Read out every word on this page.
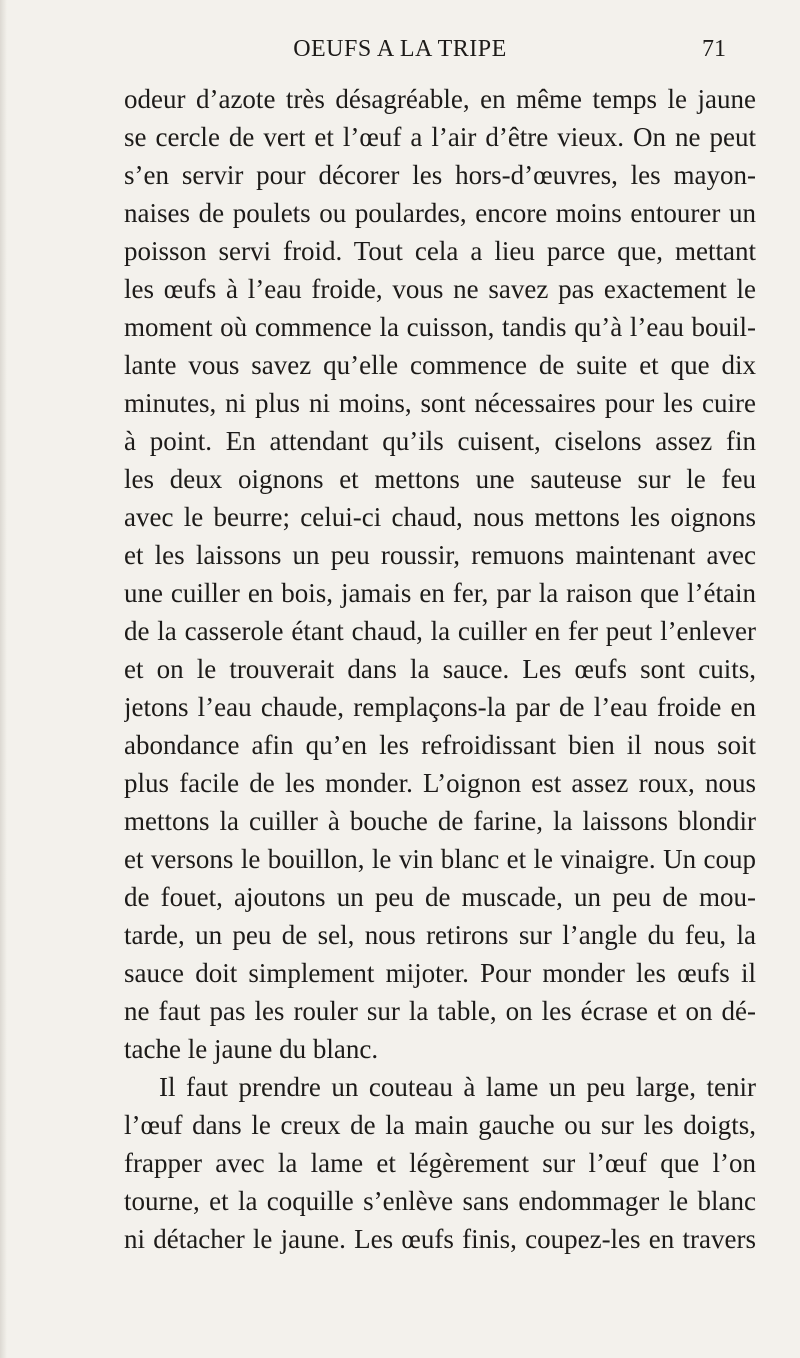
OEUFS A LA TRIPE	71
odeur d’azote très désagréable, en même temps le jaune
se cercle de vert et l’œuf a l’air d’être vieux. On ne peut
s’en servir pour décorer les hors-d’œuvres, les mayon-
naises de poulets ou poulardes, encore moins entourer un
poisson servi froid. Tout cela a lieu parce que, mettant
les œufs à l’eau froide, vous ne savez pas exactement le
moment où commence la cuisson, tandis qu’à l’eau bouil-
lante vous savez qu’elle commence de suite et que dix
minutes, ni plus ni moins, sont nécessaires pour les cuire
à point. En attendant qu’ils cuisent, ciselons assez fin
les deux oignons et mettons une sauteuse sur le feu
avec le beurre; celui-ci chaud, nous mettons les oignons
et les laissons un peu roussir, remuons maintenant avec
une cuiller en bois, jamais en fer, par la raison que l’étain
de la casserole étant chaud, la cuiller en fer peut l’enlever
et on le trouverait dans la sauce. Les œufs sont cuits,
jetons l’eau chaude, remplaçons-la par de l’eau froide en
abondance afin qu’en les refroidissant bien il nous soit
plus facile de les monder. L’oignon est assez roux, nous
mettons la cuiller à bouche de farine, la laissons blondir
et versons le bouillon, le vin blanc et le vinaigre. Un coup
de fouet, ajoutons un peu de muscade, un peu de mou-
tarde, un peu de sel, nous retirons sur l’angle du feu, la
sauce doit simplement mijoter. Pour monder les œufs il
ne faut pas les rouler sur la table, on les écrase et on dé-
tache le jaune du blanc.
Il faut prendre un couteau à lame un peu large, tenir
l’œuf dans le creux de la main gauche ou sur les doigts,
frapper avec la lame et légèrement sur l’œuf que l’on
tourne, et la coquille s’enlève sans endommager le blanc
ni détacher le jaune. Les œufs finis, coupez-les en travers
